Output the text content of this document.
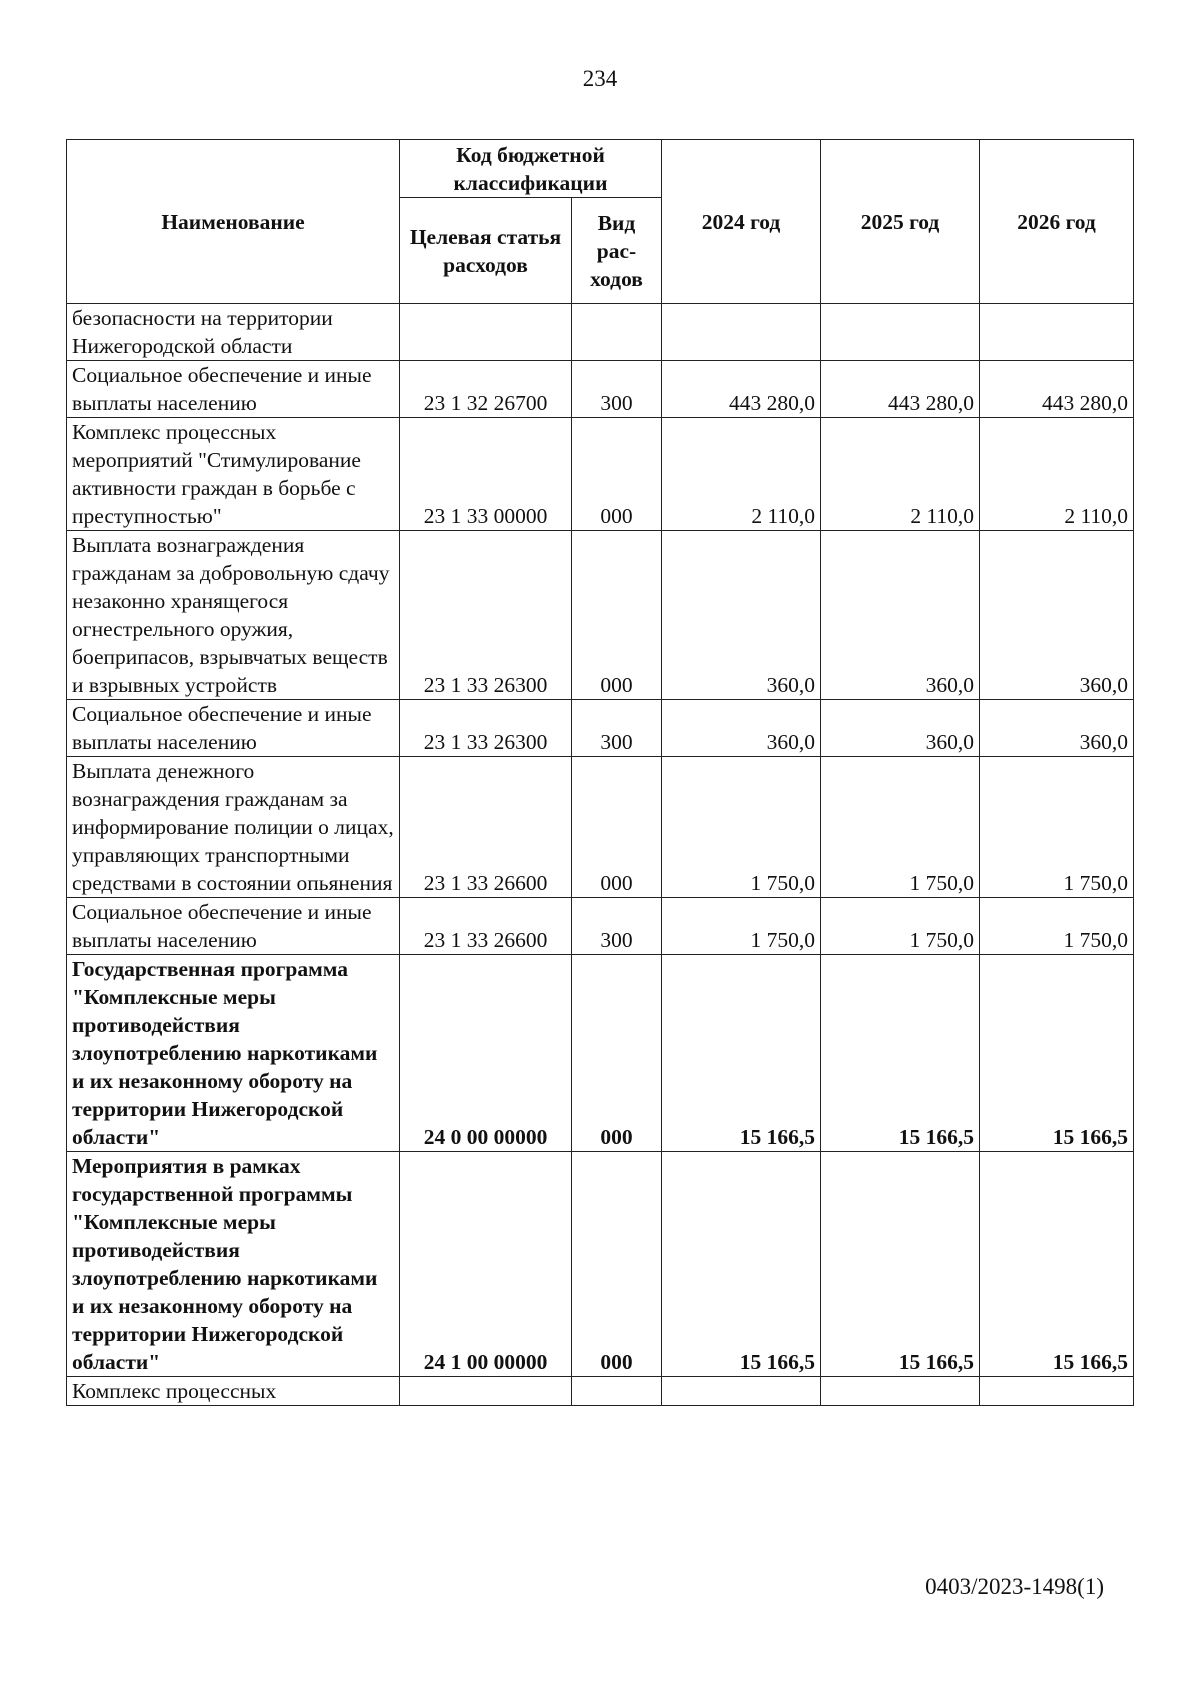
234
Наименование	Код бюджетной классификации		2024 год	2025 год	2026 год
	Целевая статья расходов	Вид рас-ходов			
безопасности на территории Нижегородской области					
Социальное обеспечение и иные выплаты населению	23 1 32 26700	300	443 280,0	443 280,0	443 280,0
Комплекс процессных мероприятий "Стимулирование активности граждан в борьбе с преступностью"	23 1 33 00000	000	2 110,0	2 110,0	2 110,0
Выплата вознаграждения гражданам за добровольную сдачу незаконно хранящегося огнестрельного оружия, боеприпасов, взрывчатых веществ и взрывных устройств	23 1 33 26300	000	360,0	360,0	360,0
Социальное обеспечение и иные выплаты населению	23 1 33 26300	300	360,0	360,0	360,0
Выплата денежного вознаграждения гражданам за информирование полиции о лицах, управляющих транспортными средствами в состоянии опьянения	23 1 33 26600	000	1 750,0	1 750,0	1 750,0
Социальное обеспечение и иные выплаты населению	23 1 33 26600	300	1 750,0	1 750,0	1 750,0
Государственная программа "Комплексные меры противодействия злоупотреблению наркотиками и их незаконному обороту на территории Нижегородской области"	24 0 00 00000	000	15 166,5	15 166,5	15 166,5
Мероприятия в рамках государственной программы "Комплексные меры противодействия злоупотреблению наркотиками и их незаконному обороту на территории Нижегородской области"	24 1 00 00000	000	15 166,5	15 166,5	15 166,5
Комплекс процессных					
0403/2023-1498(1)
